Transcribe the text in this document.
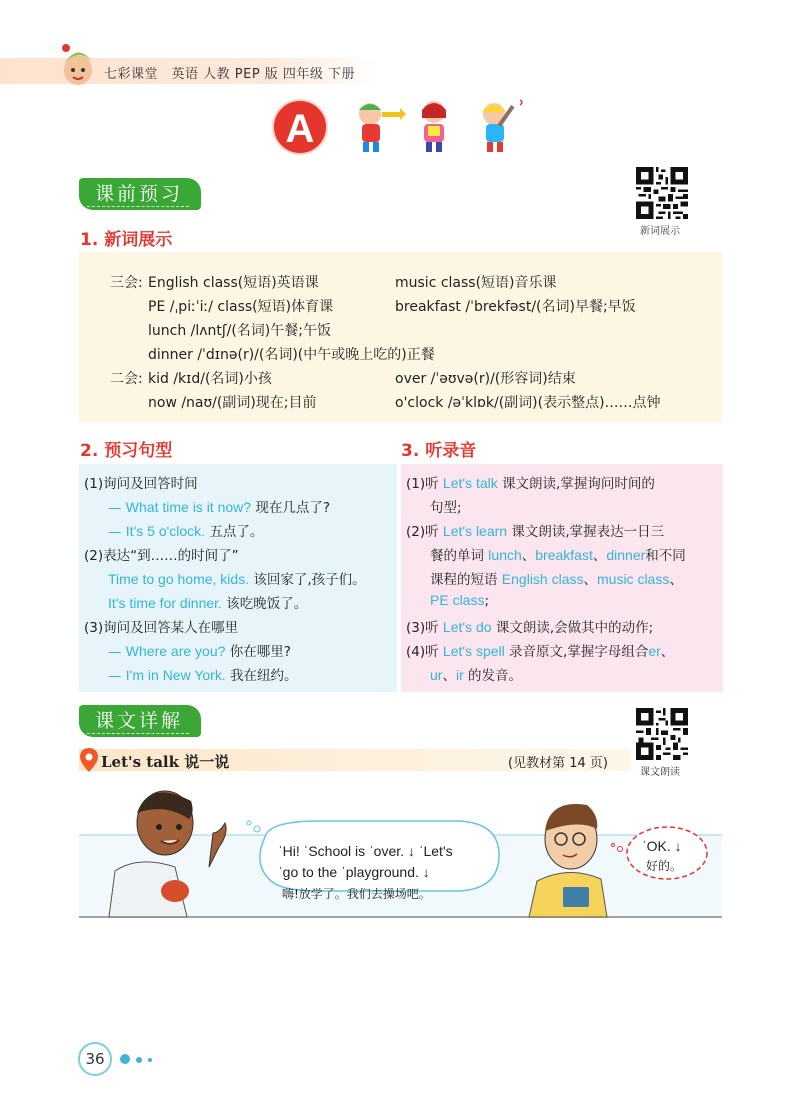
七彩课堂　英语 人教 PEP 版 四年级 下册
A
课前预习
新词展示
1. 新词展示
三会: English class(短语)英语课
PE /ˌpiːˈiː/ class(短语)体育课
lunch /lʌntʃ/(名词)午餐;午饭
dinner /ˈdɪnə(r)/(名词)(中午或晚上吃的)正餐
二会: kid /kɪd/(名词)小孩
now /naʊ/(副词)现在;目前
music class(短语)音乐课
breakfast /ˈbrekfəst/(名词)早餐;早饭
over /ˈəʊvə(r)/(形容词)结束
o'clock /əˈklɒk/(副词)(表示整点)……点钟
2. 预习句型
(1)询问及回答时间
— What time is it now? 现在几点了?
— It's 5 o'clock. 五点了。
(2)表达“到……的时间了”
Time to go home, kids. 该回家了,孩子们。
It's time for dinner. 该吃晚饭了。
(3)询问及回答某人在哪里
— Where are you? 你在哪里?
— I'm in New York. 我在纽约。
3. 听录音
(1)听 Let's talk 课文朗读,掌握询问时间的
句型;
(2)听 Let's learn 课文朗读,掌握表达一日三
餐的单词 lunch、breakfast、dinner和不同
课程的短语 English class、music class、
PE class;
(3)听 Let's do 课文朗读,会做其中的动作;
(4)听 Let's spell 录音原文,掌握字母组合er、
ur、ir 的发音。
课文详解
课文朗读
Let's talk 说一说	(见教材第 14 页)
ˈHi! ˈSchool is ˈover. ↓ ˈLet's
ˈgo to the ˈplayground. ↓
嗨!放学了。我们去操场吧。
ˈOK. ↓
好的。
36
